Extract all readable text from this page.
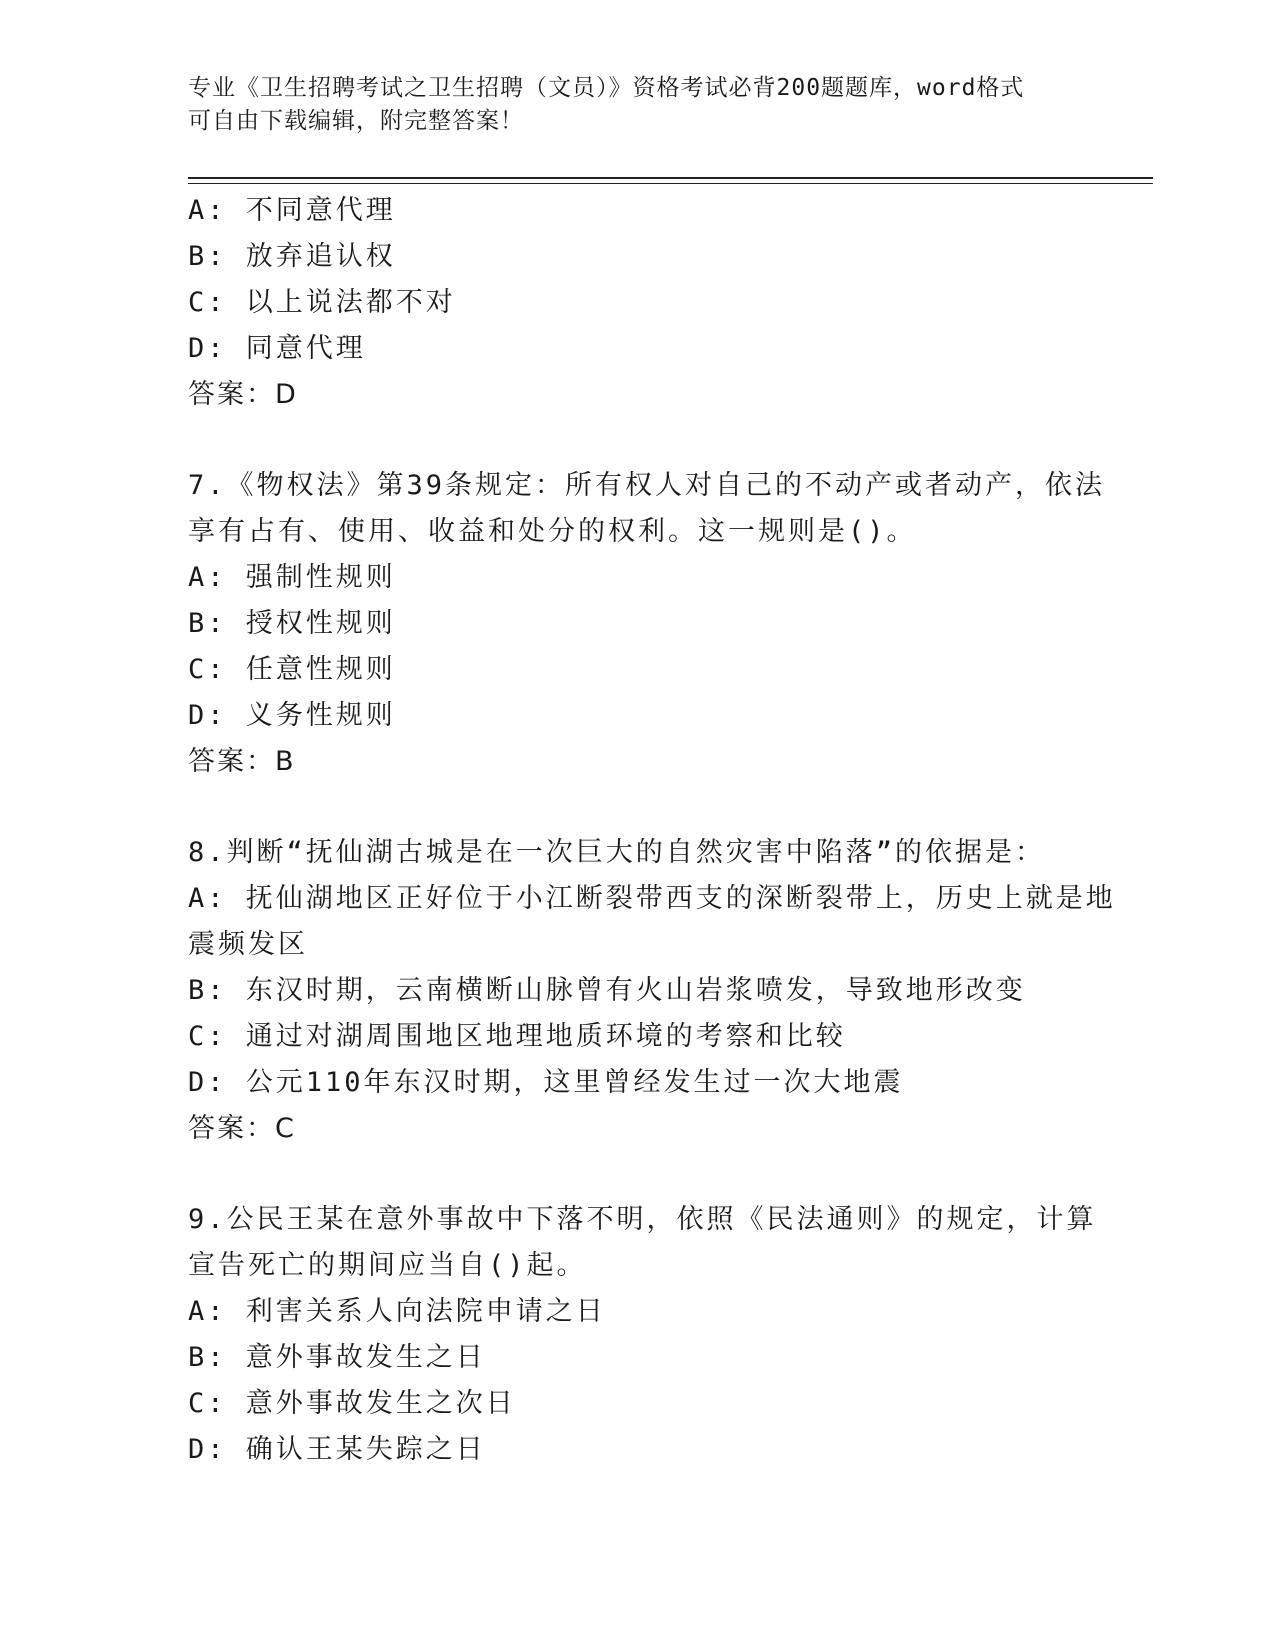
专业《卫生招聘考试之卫生招聘（文员）》资格考试必背200题题库，word格式
可自由下载编辑，附完整答案！
A: 不同意代理
B: 放弃追认权
C: 以上说法都不对
D: 同意代理
答案：D
7.《物权法》第39条规定：所有权人对自己的不动产或者动产，依法
享有占有、使用、收益和处分的权利。这一规则是()。
A: 强制性规则
B: 授权性规则
C: 任意性规则
D: 义务性规则
答案：B
8.判断“抚仙湖古城是在一次巨大的自然灾害中陷落”的依据是：
A: 抚仙湖地区正好位于小江断裂带西支的深断裂带上，历史上就是地
震频发区
B: 东汉时期，云南横断山脉曾有火山岩浆喷发，导致地形改变
C: 通过对湖周围地区地理地质环境的考察和比较
D: 公元110年东汉时期，这里曾经发生过一次大地震
答案：C
9.公民王某在意外事故中下落不明，依照《民法通则》的规定，计算
宣告死亡的期间应当自()起。
A: 利害关系人向法院申请之日
B: 意外事故发生之日
C: 意外事故发生之次日
D: 确认王某失踪之日
